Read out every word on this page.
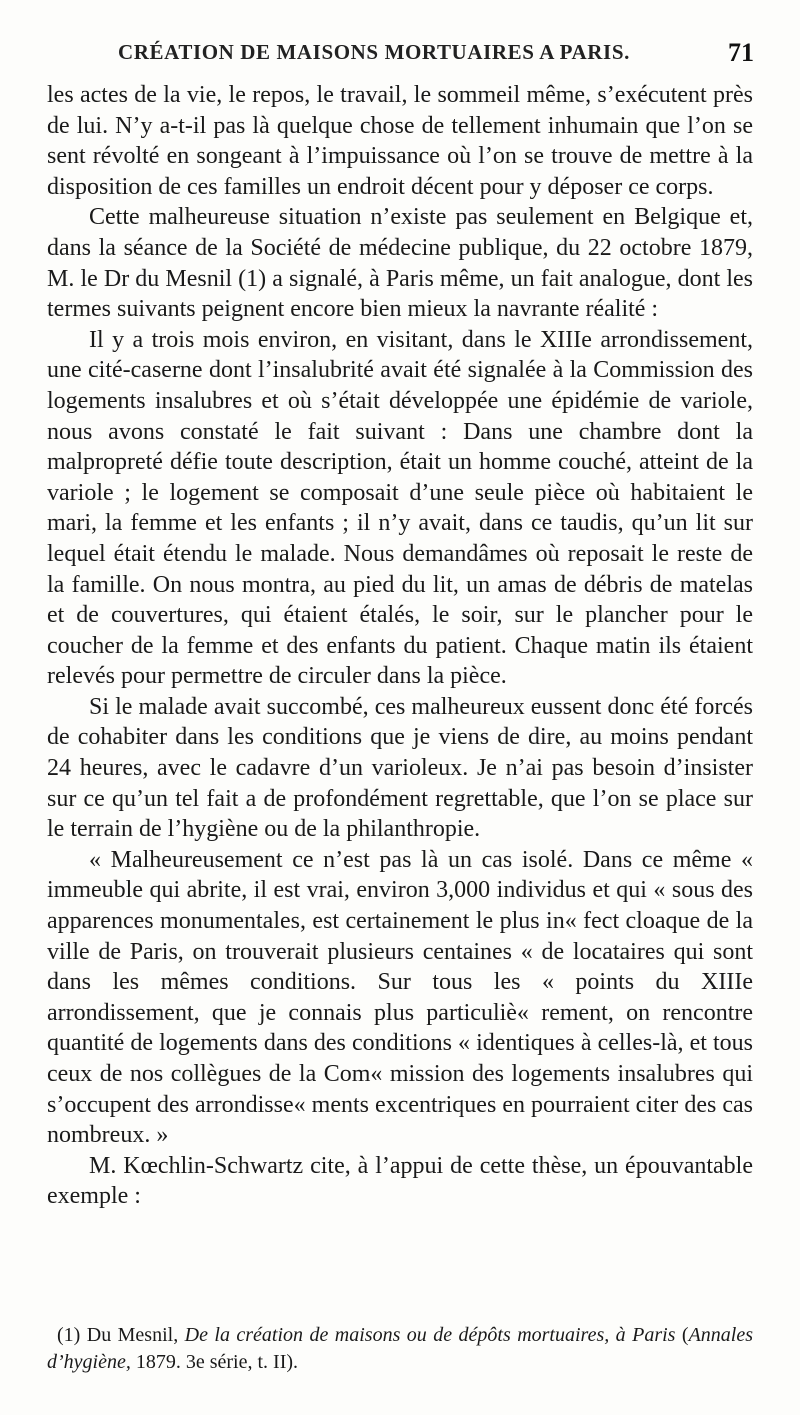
CRÉATION DE MAISONS MORTUAIRES A PARIS.	71

les actes de la vie, le repos, le travail, le sommeil même, s’exécutent près de lui. N’y a-t-il pas là quelque chose de tellement inhumain que l’on se sent révolté en songeant à l’impuissance où l’on se trouve de mettre à la disposition de ces familles un endroit décent pour y déposer ce corps.

Cette malheureuse situation n’existe pas seulement en Belgique et, dans la séance de la Société de médecine publique, du 22 octobre 1879, M. le Dr du Mesnil (1) a signalé, à Paris même, un fait analogue, dont les termes suivants peignent encore bien mieux la navrante réalité :

Il y a trois mois environ, en visitant, dans le XIIIe arrondissement, une cité-caserne dont l’insalubrité avait été signalée à la Commission des logements insalubres et où s’était développée une épidémie de variole, nous avons constaté le fait suivant : Dans une chambre dont la malpropreté défie toute description, était un homme couché, atteint de la variole ; le logement se composait d’une seule pièce où habitaient le mari, la femme et les enfants ; il n’y avait, dans ce taudis, qu’un lit sur lequel était étendu le malade. Nous demandâmes où reposait le reste de la famille. On nous montra, au pied du lit, un amas de débris de matelas et de couvertures, qui étaient étalés, le soir, sur le plancher pour le coucher de la femme et des enfants du patient. Chaque matin ils étaient relevés pour permettre de circuler dans la pièce.

Si le malade avait succombé, ces malheureux eussent donc été forcés de cohabiter dans les conditions que je viens de dire, au moins pendant 24 heures, avec le cadavre d’un varioleux. Je n’ai pas besoin d’insister sur ce qu’un tel fait a de profondément regrettable, que l’on se place sur le terrain de l’hygiène ou de la philanthropie.

« Malheureusement ce n’est pas là un cas isolé. Dans ce même « immeuble qui abrite, il est vrai, environ 3,000 individus et qui « sous des apparences monumentales, est certainement le plus in« fect cloaque de la ville de Paris, on trouverait plusieurs centaines « de locataires qui sont dans les mêmes conditions. Sur tous les « points du XIIIe arrondissement, que je connais plus particuliè« rement, on rencontre quantité de logements dans des conditions « identiques à celles-là, et tous ceux de nos collègues de la Com« mission des logements insalubres qui s’occupent des arrondisse« ments excentriques en pourraient citer des cas nombreux. »

M. Kœchlin-Schwartz cite, à l’appui de cette thèse, un épouvantable exemple :

(1) Du Mesnil, De la création de maisons ou de dépôts mortuaires, à Paris (Annales d’hygiène, 1879. 3e série, t. II).
